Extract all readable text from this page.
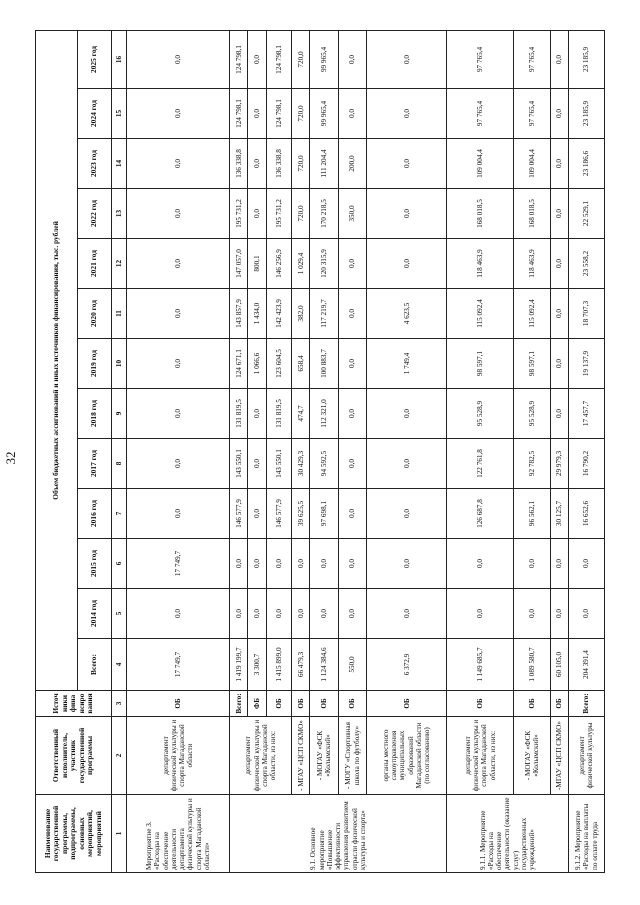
32
Наименование государственной программы, подпрограммы, основных мероприятий, мероприятий	Ответственный исполнитель, участник государственной программы	Источники финансирования	Объем бюджетных ассигнований и иных источников финансирования, тыс. рублей												
			Всего:	2014 год	2015 год	2016 год	2017 год	2018 год	2019 год	2020 год	2021 год	2022 год	2023 год	2024 год	2025 год
1	2	3	4	5	6	7	8	9	10	11	12	13	14	15	16
Мероприятие 3. «Расходы на обеспечение деятельности департамента физической культуры и спорта Магаданской области»	департамент физической культуры и спорта Магаданской области	ОБ	17 749,7	0,0	17 749,7	0,0	0,0	0,0	0,0	0,0	0,0	0,0	0,0	0,0	0,0
9.1. Основное мероприятие «Повышение эффективности управления развитием отрасли физической культуры и спорта»	департамент физической культуры и спорта Магаданской области, из них:	Всего:	1 419 199,7	0,0	0,0	146 577,9	143 550,1	131 819,5	124 671,1	143 857,9	147 057,0	195 731,2	136 338,8	124 798,1	124 798,1
		ФБ	3 300,7	0,0	0,0	0,0	0,0	0,0	1 066,6	1 434,0	800,1	0,0	0,0	0,0	0,0
		ОБ	1 415 899,0	0,0	0,0	146 577,9	143 550,1	131 819,5	123 604,5	142 423,9	146 256,9	195 731,2	136 338,8	124 798,1	124 798,1
	- МГАУ «ЦСП СКМО»	ОБ	66 479,3	0,0	0,0	39 625,5	30 429,3	474,7	658,4	382,0	1 029,4	720,0	720,0	720,0	720,0
	- МОГАУ «ФСК «Колымский»	ОБ	1 124 384,6	0,0	0,0	97 698,1	94 592,5	112 321,0	100 883,7	117 219,7	120 315,9	170 218,5	111 204,4	99 965,4	99 965,4
	- МОГУ «Спортивная школа по футболу»	ОБ	550,0	0,0	0,0	0,0	0,0	0,0	0,0	0,0	0,0	350,0	200,0	0,0	0,0
	органы местного самоуправления муниципальных образований Магаданской области (по согласованию)	ОБ	6 372,9	0,0	0,0	0,0	0,0	0,0	1 749,4	4 623,5	0,0	0,0	0,0	0,0	0,0
9.1.1. Мероприятие «Расходы на обеспечение деятельности (оказание услуг) государственных учреждений»	департамент физической культуры и спорта Магаданской области, из них:	ОБ	1 149 685,7	0,0	0,0	126 687,8	122 761,8	95 528,9	98 597,1	115 092,4	118 463,9	168 018,5	109 004,4	97 765,4	97 765,4
	- МОГАУ «ФСК «Колымский»	ОБ	1 089 580,7	0,0	0,0	96 562,1	92 782,5	95 528,9	98 597,1	115 092,4	118 463,9	168 018,5	109 004,4	97 765,4	97 765,4
	-МГАУ «ЦСП СКМО»	ОБ	60 105,0	0,0	0,0	30 125,7	29 979,3	0,0	0,0	0,0	0,0	0,0	0,0	0,0	0,0
9.1.2. Мероприятие «Расходы на выплаты по оплате труда	департамент физической культуры	Всего:	204 391,4	0,0	0,0	16 652,6	16 790,2	17 457,7	19 137,9	18 707,3	23 558,2	22 529,1	23 186,6	23 185,9	23 185,9
